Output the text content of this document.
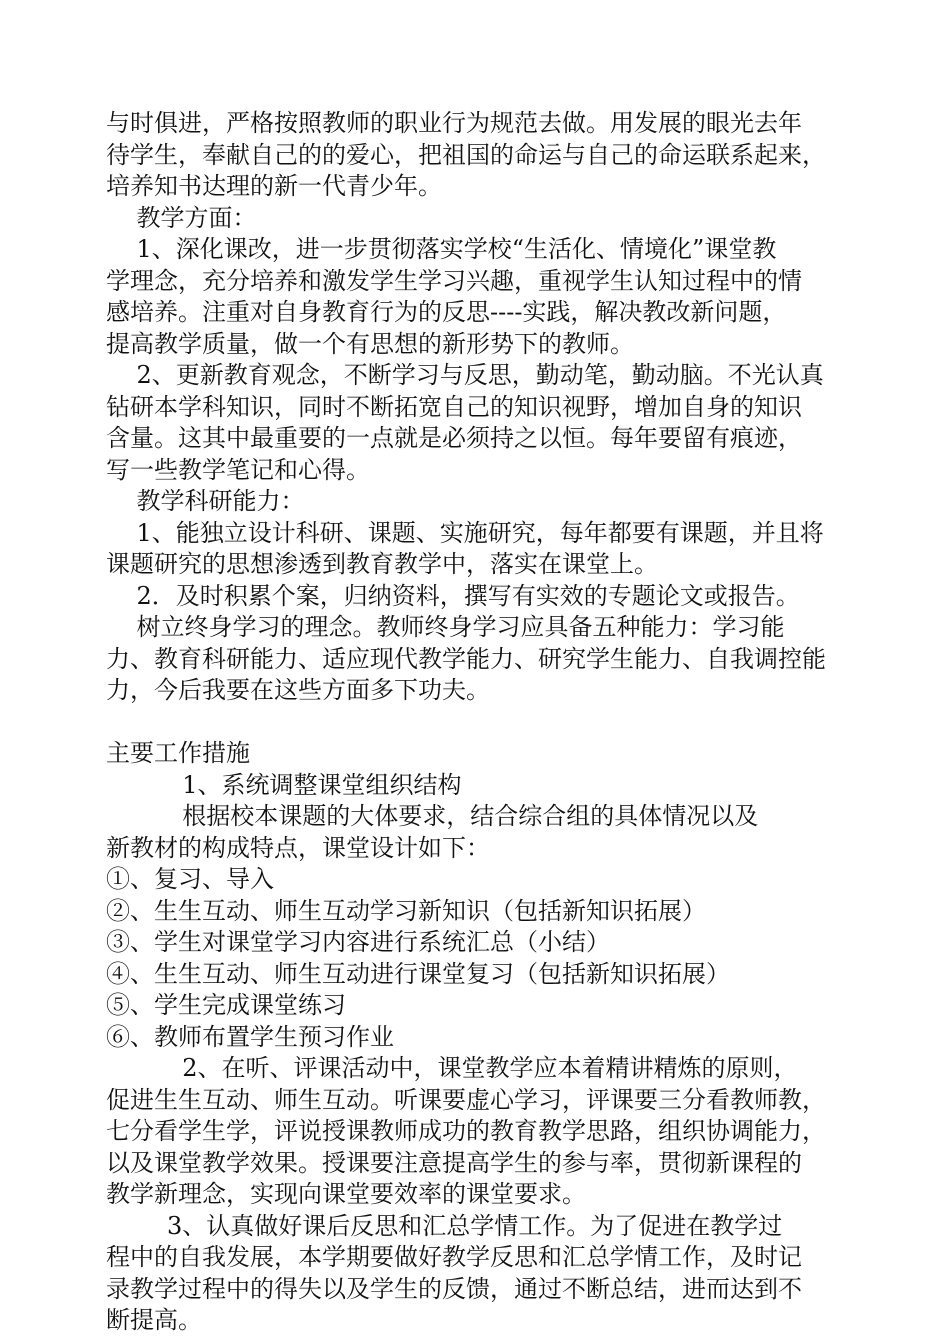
与时俱进，严格按照教师的职业行为规范去做。用发展的眼光去年
待学生，奉献自己的的爱心，把祖国的命运与自己的命运联系起来，
培养知书达理的新一代青少年。
教学方面：
1、深化课改，进一步贯彻落实学校“生活化、情境化”课堂教
学理念，充分培养和激发学生学习兴趣，重视学生认知过程中的情
感培养。注重对自身教育行为的反思----实践，解决教改新问题，
提高教学质量，做一个有思想的新形势下的教师。
2、更新教育观念，不断学习与反思，勤动笔，勤动脑。不光认真
钻研本学科知识，同时不断拓宽自己的知识视野，增加自身的知识
含量。这其中最重要的一点就是必须持之以恒。每年要留有痕迹，
写一些教学笔记和心得。
教学科研能力：
1、能独立设计科研、课题、实施研究，每年都要有课题，并且将
课题研究的思想渗透到教育教学中，落实在课堂上。
2．及时积累个案，归纳资料，撰写有实效的专题论文或报告。
树立终身学习的理念。教师终身学习应具备五种能力：学习能
力、教育科研能力、适应现代教学能力、研究学生能力、自我调控能
力，今后我要在这些方面多下功夫。
主要工作措施
1、系统调整课堂组织结构
根据校本课题的大体要求，结合综合组的具体情况以及
新教材的构成特点，课堂设计如下：
①、复习、导入
②、生生互动、师生互动学习新知识（包括新知识拓展）
③、学生对课堂学习内容进行系统汇总（小结）
④、生生互动、师生互动进行课堂复习（包括新知识拓展）
⑤、学生完成课堂练习
⑥、教师布置学生预习作业
2、在听、评课活动中，课堂教学应本着精讲精炼的原则，
促进生生互动、师生互动。听课要虚心学习，评课要三分看教师教，
七分看学生学，评说授课教师成功的教育教学思路，组织协调能力，
以及课堂教学效果。授课要注意提高学生的参与率，贯彻新课程的
教学新理念，实现向课堂要效率的课堂要求。
3、认真做好课后反思和汇总学情工作。为了促进在教学过
程中的自我发展，本学期要做好教学反思和汇总学情工作，及时记
录教学过程中的得失以及学生的反馈，通过不断总结，进而达到不
断提高。
